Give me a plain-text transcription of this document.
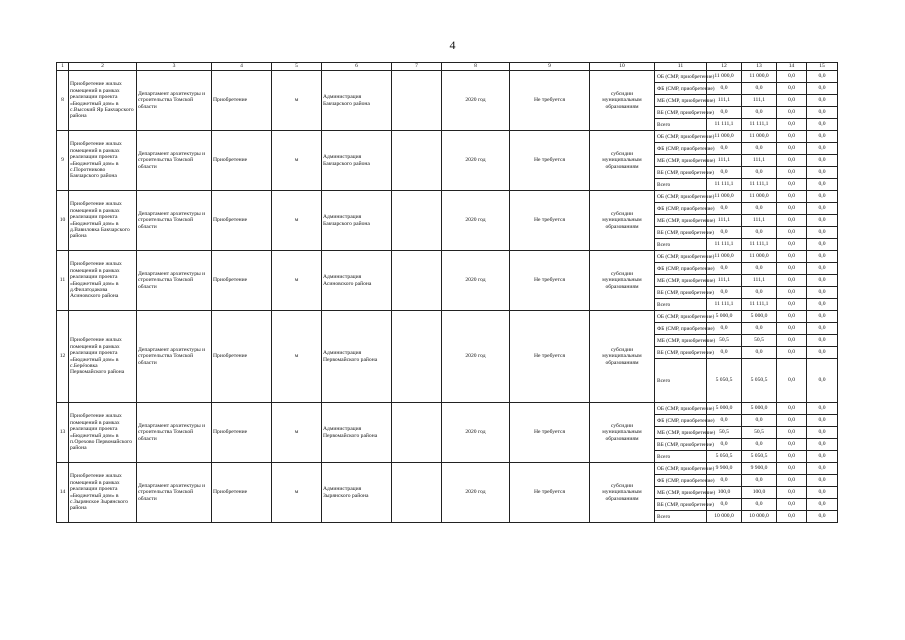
4
1	2	3	4	5	6	7	8	9	10	11	12	13	14	15
8	Приобретение жилых помещений в рамках реализации проекта «Бюджетный дом» в с.Высокий Яр Бакчарского района	Департамент архитектуры и строительства Томской области	Приобретение	м	Администрация Бакчарского района		2020 год	Не требуется	субсидии муниципальным образованиям	ОБ (СМР, приобретение)	11 000,0	11 000,0	0,0	0,0
										ФБ (СМР, приобретение)	0,0	0,0	0,0	0,0
										МБ (СМР, приобретение)	111,1	111,1	0,0	0,0
										ВБ (СМР, приобретение)	0,0	0,0	0,0	0,0
										Всего	11 111,1	11 111,1	0,0	0,0
9	Приобретение жилых помещений в рамках реализации проекта «Бюджетный дом» в с.Поротниково Бакчарского района	Департамент архитектуры и строительства Томской области	Приобретение	м	Администрация Бакчарского района		2020 год	Не требуется	субсидии муниципальным образованиям	ОБ (СМР, приобретение)	11 000,0	11 000,0	0,0	0,0
										ФБ (СМР, приобретение)	0,0	0,0	0,0	0,0
										МБ (СМР, приобретение)	111,1	111,1	0,0	0,0
										ВБ (СМР, приобретение)	0,0	0,0	0,0	0,0
										Всего	11 111,1	11 111,1	0,0	0,0
10	Приобретение жилых помещений в рамках реализации проекта «Бюджетный дом» в д.Вавиловка Бакчарского района	Департамент архитектуры и строительства Томской области	Приобретение	м	Администрация Бакчарского района		2020 год	Не требуется	субсидии муниципальным образованиям	ОБ (СМР, приобретение)	11 000,0	11 000,0	0,0	0,0
										ФБ (СМР, приобретение)	0,0	0,0	0,0	0,0
										МБ (СМР, приобретение)	111,1	111,1	0,0	0,0
										ВБ (СМР, приобретение)	0,0	0,0	0,0	0,0
										Всего	11 111,1	11 111,1	0,0	0,0
11	Приобретение жилых помещений в рамках реализации проекта «Бюджетный дом» в д.Филатодакова Асиновского района	Департамент архитектуры и строительства Томской области	Приобретение	м	Администрация Асиновского района		2020 год	Не требуется	субсидии муниципальным образованиям	ОБ (СМР, приобретение)	11 000,0	11 000,0	0,0	0,0
										ФБ (СМР, приобретение)	0,0	0,0	0,0	0,0
										МБ (СМР, приобретение)	111,1	111,1	0,0	0,0
										ВБ (СМР, приобретение)	0,0	0,0	0,0	0,0
										Всего	11 111,1	11 111,1	0,0	0,0
12	Приобретение жилых помещений в рамках реализации проекта «Бюджетный дом» в с.Берёзовка Первомайского района	Департамент архитектуры и строительства Томской области	Приобретение	м	Администрация Первомайского района		2020 год	Не требуется	субсидии муниципальным образованиям	ОБ (СМР, приобретение)	5 000,0	5 000,0	0,0	0,0
										ФБ (СМР, приобретение)	0,0	0,0	0,0	0,0
										МБ (СМР, приобретение)	50,5	50,5	0,0	0,0
										ВБ (СМР, приобретение)	0,0	0,0	0,0	0,0
										Всего	5 050,5	5 050,5	0,0	0,0
13	Приобретение жилых помещений в рамках реализации проекта «Бюджетный дом» в п.Орехово Первомайского района	Департамент архитектуры и строительства Томской области	Приобретение	м	Администрация Первомайского района		2020 год	Не требуется	субсидии муниципальным образованиям	ОБ (СМР, приобретение)	5 000,0	5 000,0	0,0	0,0
										ФБ (СМР, приобретение)	0,0	0,0	0,0	0,0
										МБ (СМР, приобретение)	50,5	50,5	0,0	0,0
										ВБ (СМР, приобретение)	0,0	0,0	0,0	0,0
										Всего	5 050,5	5 050,5	0,0	0,0
14	Приобретение жилых помещений в рамках реализации проекта «Бюджетный дом» в с.Зырянское Зырянского района	Департамент архитектуры и строительства Томской области	Приобретение	м	Администрация Зырянского района		2020 год	Не требуется	субсидии муниципальным образованиям	ОБ (СМР, приобретение)	9 900,0	9 900,0	0,0	0,0
										ФБ (СМР, приобретение)	0,0	0,0	0,0	0,0
										МБ (СМР, приобретение)	100,0	100,0	0,0	0,0
										ВБ (СМР, приобретение)	0,0	0,0	0,0	0,0
										Всего	10 000,0	10 000,0	0,0	0,0
